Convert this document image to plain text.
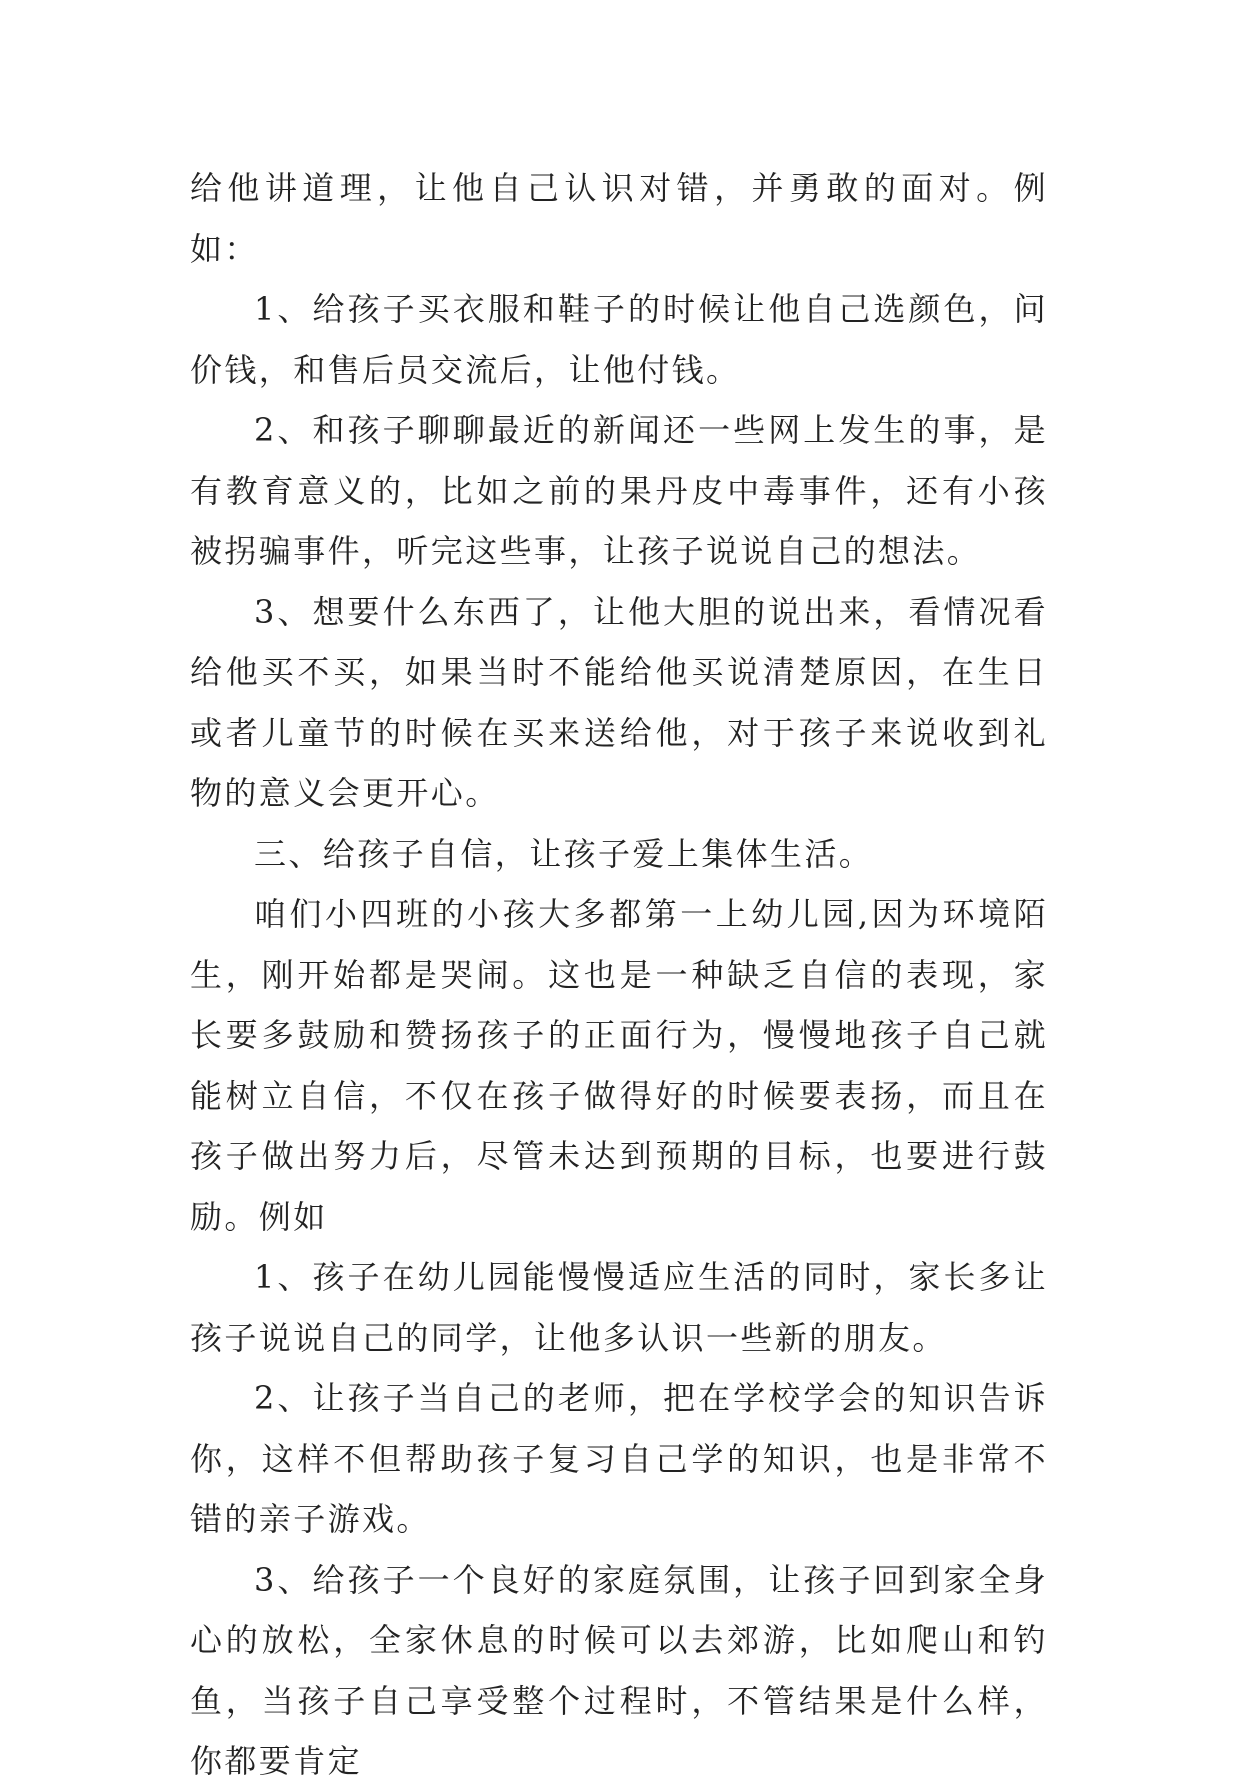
给他讲道理，让他自己认识对错，并勇敢的面对。例如：

1、给孩子买衣服和鞋子的时候让他自己选颜色，问价钱，和售后员交流后，让他付钱。

2、和孩子聊聊最近的新闻还一些网上发生的事，是有教育意义的，比如之前的果丹皮中毒事件，还有小孩被拐骗事件，听完这些事，让孩子说说自己的想法。

3、想要什么东西了，让他大胆的说出来，看情况看给他买不买，如果当时不能给他买说清楚原因，在生日或者儿童节的时候在买来送给他，对于孩子来说收到礼物的意义会更开心。

三、给孩子自信，让孩子爱上集体生活。

咱们小四班的小孩大多都第一上幼儿园,因为环境陌生，刚开始都是哭闹。这也是一种缺乏自信的表现，家长要多鼓励和赞扬孩子的正面行为，慢慢地孩子自己就能树立自信，不仅在孩子做得好的时候要表扬，而且在孩子做出努力后，尽管未达到预期的目标，也要进行鼓励。例如

1、孩子在幼儿园能慢慢适应生活的同时，家长多让孩子说说自己的同学，让他多认识一些新的朋友。

2、让孩子当自己的老师，把在学校学会的知识告诉你，这样不但帮助孩子复习自己学的知识，也是非常不错的亲子游戏。

3、给孩子一个良好的家庭氛围，让孩子回到家全身心的放松，全家休息的时候可以去郊游，比如爬山和钓鱼，当孩子自己享受整个过程时，不管结果是什么样，你都要肯定
